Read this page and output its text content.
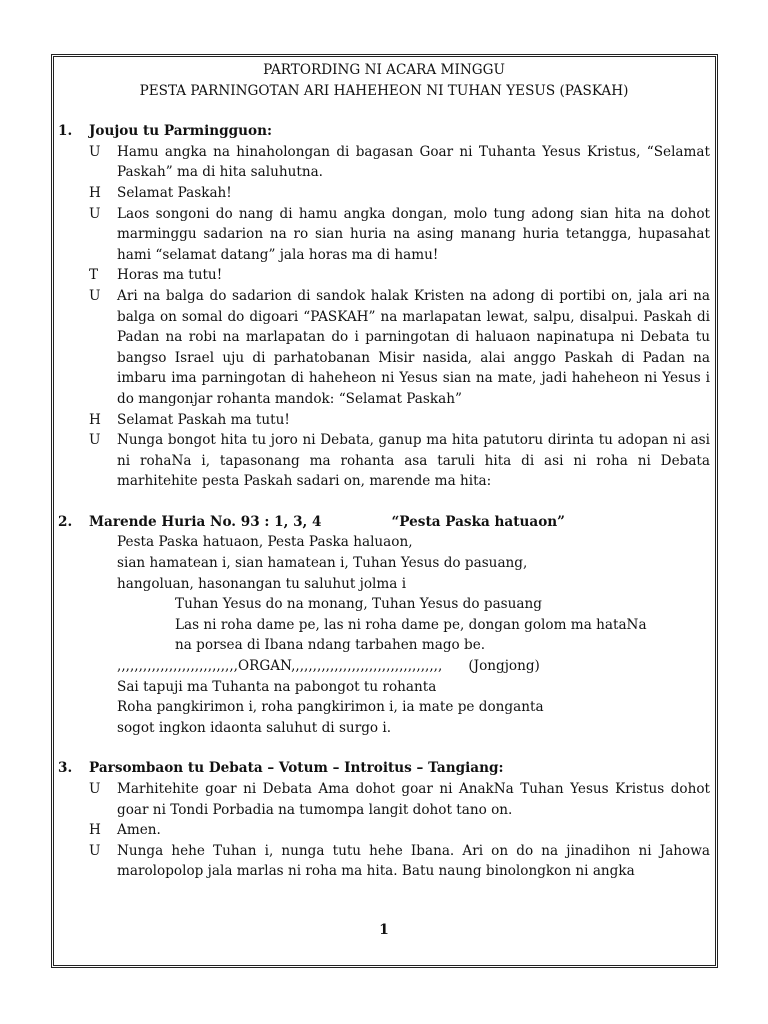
PARTORDING NI ACARA MINGGU
PESTA PARNINGOTAN ARI HAHEHEON NI TUHAN YESUS (PASKAH)
1.	Joujou tu Parmingguon:
U	Hamu angka na hinaholongan di bagasan Goar ni Tuhanta Yesus Kristus, “Selamat Paskah” ma di hita saluhutna.
H	Selamat Paskah!
U	Laos songoni do nang di hamu angka dongan, molo tung adong sian hita na dohot marminggu sadarion na ro sian huria na asing manang huria tetangga, hupasahat hami “selamat datang” jala horas ma di hamu!
T	Horas ma tutu!
U	Ari na balga do sadarion di sandok halak Kristen na adong di portibi on, jala ari na balga on somal do digoari “PASKAH” na marlapatan lewat, salpu, disalpui. Paskah di Padan na robi na marlapatan do i parningotan di haluaon napinatupa ni Debata tu bangso Israel uju di parhatobanan Misir nasida, alai anggo Paskah di Padan na imbaru ima parningotan di haheheon ni Yesus sian na mate, jadi haheheon ni Yesus i do mangonjar rohanta mandok: “Selamat Paskah”
H	Selamat Paskah ma tutu!
U	Nunga bongot hita tu joro ni Debata, ganup ma hita patutoru dirinta tu adopan ni asi ni rohaNa i, tapasonang ma rohanta asa taruli hita di asi ni roha ni Debata marhitehite pesta Paskah sadari on, marende ma hita:
2.	Marende Huria No. 93 : 1, 3, 4	“Pesta Paska hatuaon”
Pesta Paska hatuaon, Pesta Paska haluaon,
sian hamatean i, sian hamatean i, Tuhan Yesus do pasuang,
hangoluan, hasonangan tu saluhut jolma i
Tuhan Yesus do na monang, Tuhan Yesus do pasuang
Las ni roha dame pe, las ni roha dame pe, dongan golom ma hataNa
na porsea di Ibana ndang tarbahen mago be.
,,,,,,,,,,,,,,,,,,,,,,,,,,,,ORGAN,,,,,,,,,,,,,,,,,,,,,,,,,,,,,,,,,,, (Jongjong)
Sai tapuji ma Tuhanta na pabongot tu rohanta
Roha pangkirimon i, roha pangkirimon i, ia mate pe donganta
sogot ingkon idaonta saluhut di surgo i.
3.	Parsombaon tu Debata – Votum – Introitus – Tangiang:
U	Marhitehite goar ni Debata Ama dohot goar ni AnakNa Tuhan Yesus Kristus dohot goar ni Tondi Porbadia na tumompa langit dohot tano on.
H	Amen.
U	Nunga hehe Tuhan i, nunga tutu hehe Ibana. Ari on do na jinadihon ni Jahowa marolopolop jala marlas ni roha ma hita. Batu naung binolongkon ni angka
1
